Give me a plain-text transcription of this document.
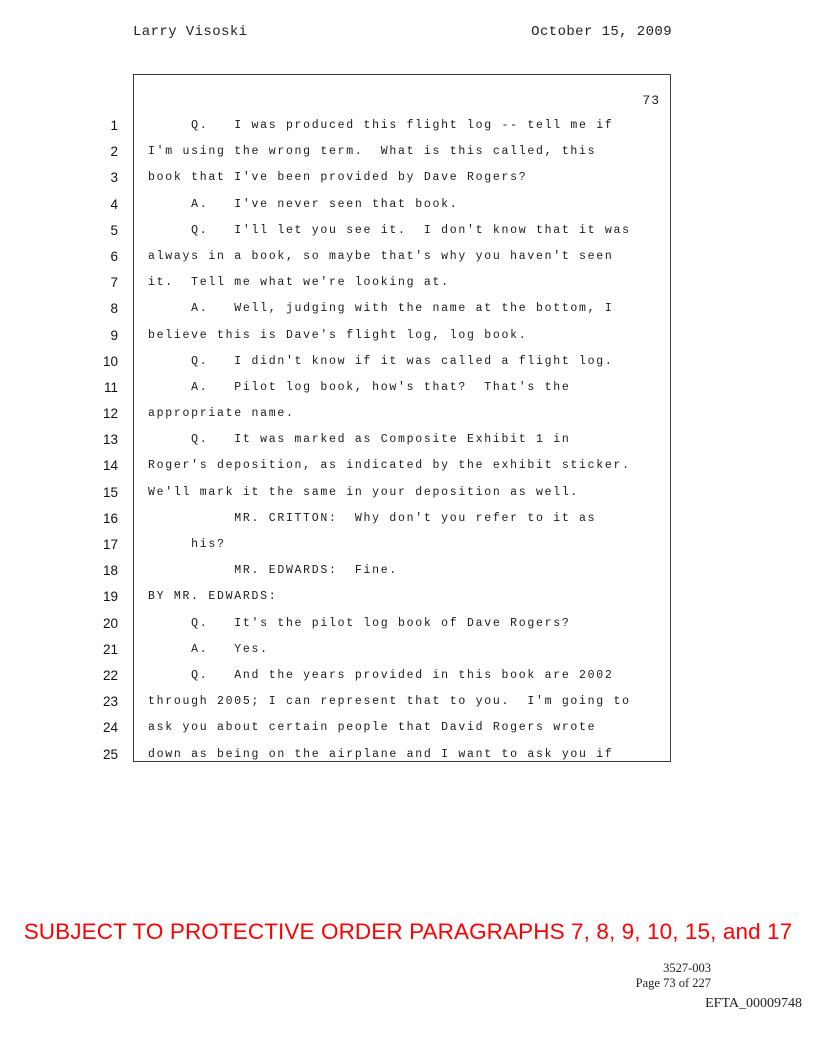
Larry Visoski	October 15, 2009
73
1	Q.   I was produced this flight log -- tell me if
2	I'm using the wrong term.  What is this called, this
3	book that I've been provided by Dave Rogers?
4	A.   I've never seen that book.
5	Q.   I'll let you see it.  I don't know that it was
6	always in a book, so maybe that's why you haven't seen
7	it.  Tell me what we're looking at.
8	A.   Well, judging with the name at the bottom, I
9	believe this is Dave's flight log, log book.
10	Q.   I didn't know if it was called a flight log.
11	A.   Pilot log book, how's that?  That's the
12	appropriate name.
13	Q.   It was marked as Composite Exhibit 1 in
14	Roger's deposition, as indicated by the exhibit sticker.
15	We'll mark it the same in your deposition as well.
16	MR. CRITTON:  Why don't you refer to it as
17	his?
18	MR. EDWARDS:  Fine.
19	BY MR. EDWARDS:
20	Q.   It's the pilot log book of Dave Rogers?
21	A.   Yes.
22	Q.   And the years provided in this book are 2002
23	through 2005; I can represent that to you.  I'm going to
24	ask you about certain people that David Rogers wrote
25	down as being on the airplane and I want to ask you if
3527-003
Page 73 of 227
SUBJECT TO PROTECTIVE ORDER PARAGRAPHS 7, 8, 9, 10, 15, and 17
EFTA_00009748
